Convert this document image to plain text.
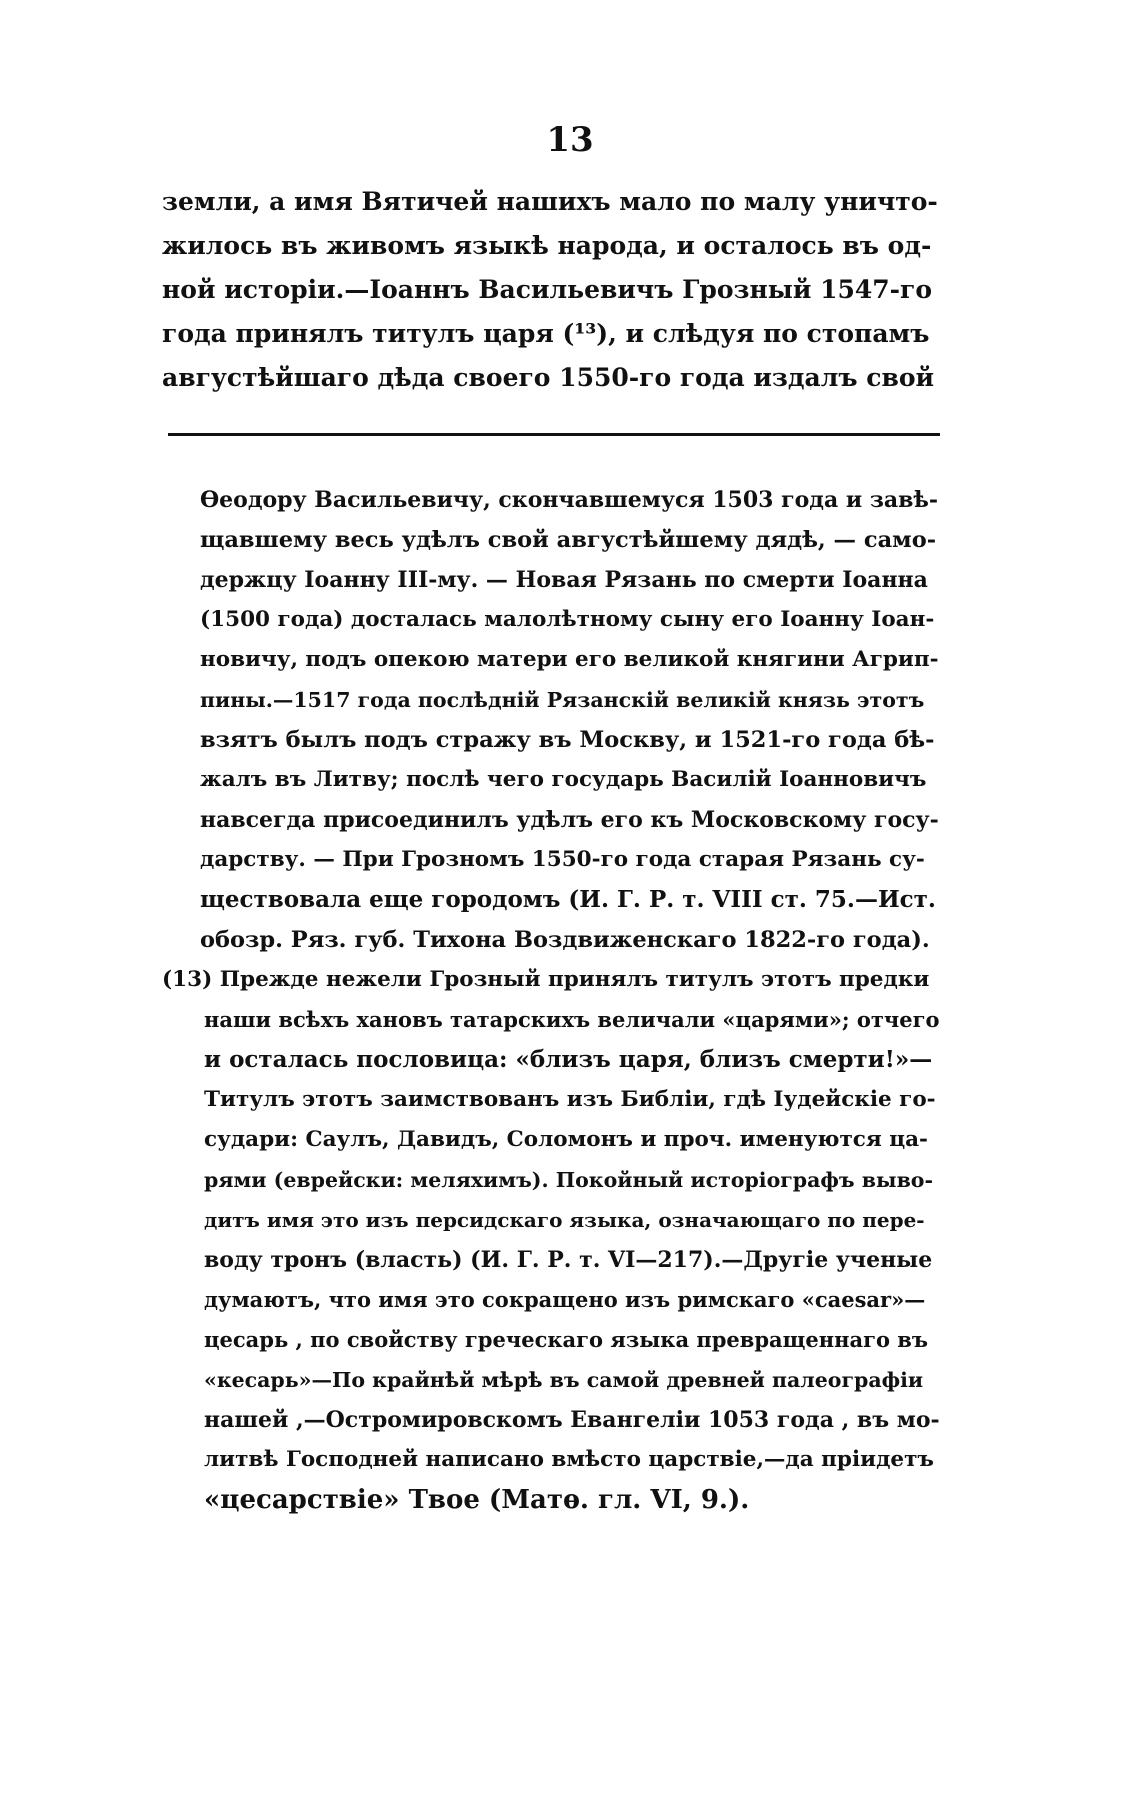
13
земли, а имя Вятичей нашихъ мало по малу уничто-
жилось въ живомъ языкѣ народа, и осталось въ од-
ной исторіи.—Іоаннъ Васильевичъ Грозный 1547-го
года принялъ титулъ царя (¹³), и слѣдуя по стопамъ
августѣйшаго дѣда своего 1550-го года издалъ свой
Ѳеодору Васильевичу, скончавшемуся 1503 года и завѣ-
щавшему весь удѣлъ свой августѣйшему дядѣ, — само-
держцу Іоанну III-му. — Новая Рязань по смерти Іоанна
(1500 года) досталась малолѣтному сыну его Іоанну Іоан-
новичу, подъ опекою матери его великой княгини Агрип-
пины.—1517 года послѣдній Рязанскій великій князь этотъ
взятъ былъ подъ стражу въ Москву, и 1521-го года бѣ-
жалъ въ Литву; послѣ чего государь Василій Іоанновичъ
навсегда присоединилъ удѣлъ его къ Московскому госу-
дарству. — При Грозномъ 1550-го года старая Рязань су-
ществовала еще городомъ (И. Г. Р. т. VIII ст. 75.—Ист.
обозр. Ряз. губ. Тихона Воздвиженскаго 1822-го года).
(13) Прежде нежели Грозный принялъ титулъ этотъ предки
наши всѣхъ хановъ татарскихъ величали «царями»; отчего
и осталась пословица: «близъ царя, близъ смерти!»—
Титулъ этотъ заимствованъ изъ Библіи, гдѣ Іудейскіе го-
судари: Саулъ, Давидъ, Соломонъ и проч. именуются ца-
рями (еврейски: меляхимъ). Покойный исторіографъ выво-
дитъ имя это изъ персидскаго языка, означающаго по пере-
воду тронъ (власть) (И. Г. Р. т. VI—217).—Другіе ученые
думаютъ, что имя это сокращено изъ римскаго «caesar»—
цесарь , по свойству греческаго языка превращеннаго въ
«кесарь»—По крайнѣй мѣрѣ въ самой древней палеографіи
нашей ,—Остромировскомъ Евангеліи 1053 года , въ мо-
литвѣ Господней написано вмѣсто царствіе,—да пріидетъ
«цесарствіе» Твое (Матѳ. гл. VI, 9.).
